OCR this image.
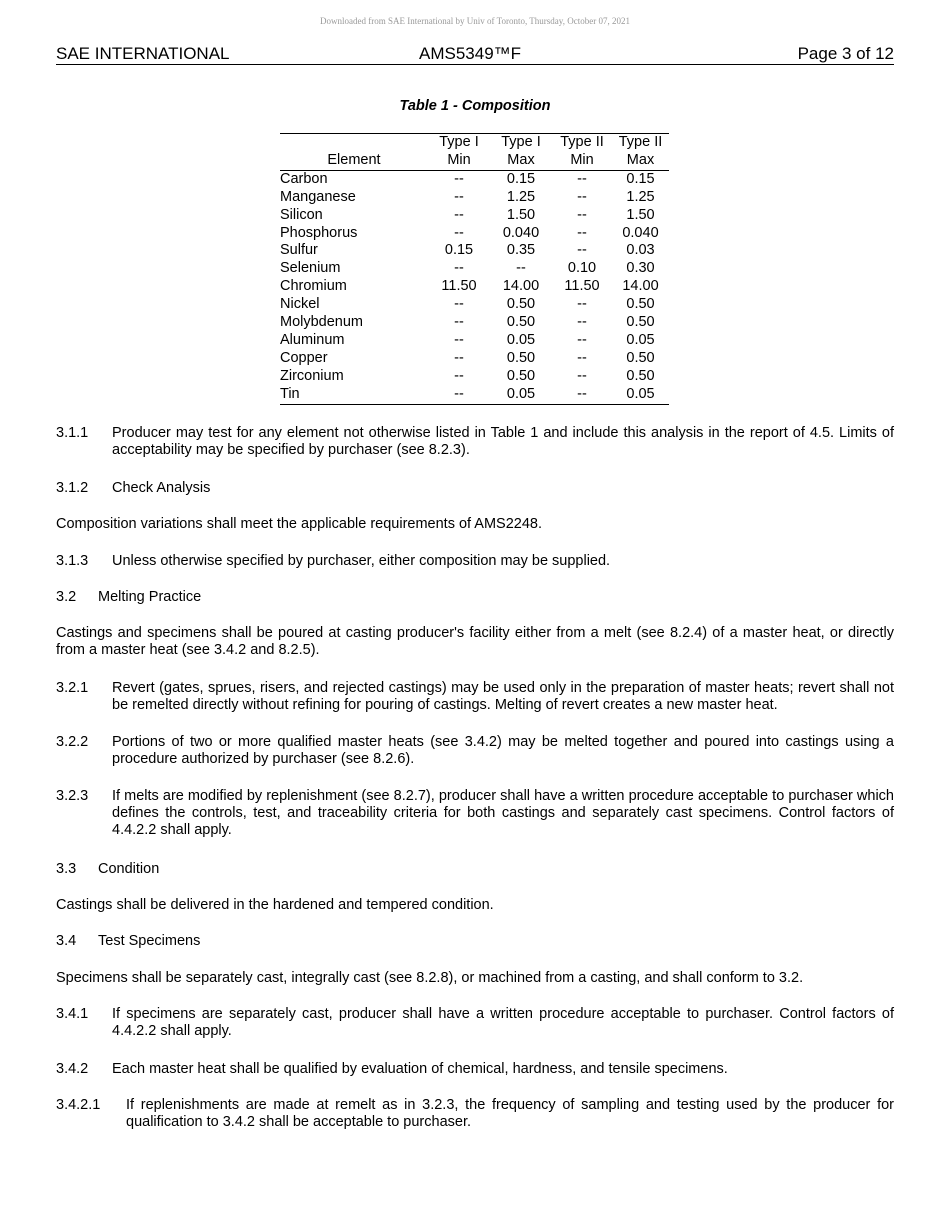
Downloaded from SAE International by Univ of Toronto, Thursday, October 07, 2021
SAE INTERNATIONAL	AMS5349™F	Page 3 of 12
Table 1 - Composition
	Type I	Type I	Type II	Type II
Element	Min	Max	Min	Max
Carbon	--	0.15	--	0.15
Manganese	--	1.25	--	1.25
Silicon	--	1.50	--	1.50
Phosphorus	--	0.040	--	0.040
Sulfur	0.15	0.35	--	0.03
Selenium	--	--	0.10	0.30
Chromium	11.50	14.00	11.50	14.00
Nickel	--	0.50	--	0.50
Molybdenum	--	0.50	--	0.50
Aluminum	--	0.05	--	0.05
Copper	--	0.50	--	0.50
Zirconium	--	0.50	--	0.50
Tin	--	0.05	--	0.05
3.1.1 Producer may test for any element not otherwise listed in Table 1 and include this analysis in the report of 4.5. Limits of acceptability may be specified by purchaser (see 8.2.3).
3.1.2 Check Analysis
Composition variations shall meet the applicable requirements of AMS2248.
3.1.3 Unless otherwise specified by purchaser, either composition may be supplied.
3.2 Melting Practice
Castings and specimens shall be poured at casting producer's facility either from a melt (see 8.2.4) of a master heat, or directly from a master heat (see 3.4.2 and 8.2.5).
3.2.1 Revert (gates, sprues, risers, and rejected castings) may be used only in the preparation of master heats; revert shall not be remelted directly without refining for pouring of castings. Melting of revert creates a new master heat.
3.2.2 Portions of two or more qualified master heats (see 3.4.2) may be melted together and poured into castings using a procedure authorized by purchaser (see 8.2.6).
3.2.3 If melts are modified by replenishment (see 8.2.7), producer shall have a written procedure acceptable to purchaser which defines the controls, test, and traceability criteria for both castings and separately cast specimens. Control factors of 4.4.2.2 shall apply.
3.3 Condition
Castings shall be delivered in the hardened and tempered condition.
3.4 Test Specimens
Specimens shall be separately cast, integrally cast (see 8.2.8), or machined from a casting, and shall conform to 3.2.
3.4.1 If specimens are separately cast, producer shall have a written procedure acceptable to purchaser. Control factors of 4.4.2.2 shall apply.
3.4.2 Each master heat shall be qualified by evaluation of chemical, hardness, and tensile specimens.
3.4.2.1 If replenishments are made at remelt as in 3.2.3, the frequency of sampling and testing used by the producer for qualification to 3.4.2 shall be acceptable to purchaser.
